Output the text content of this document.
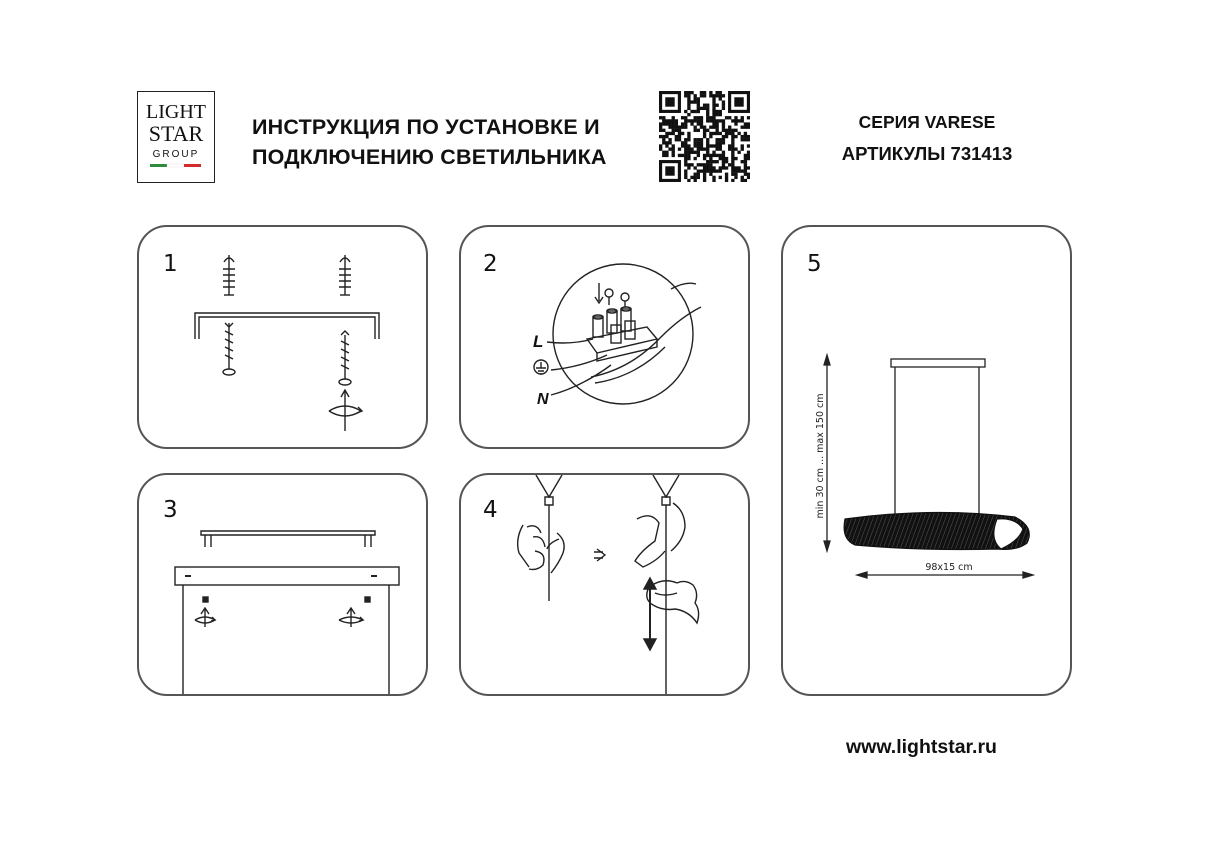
LIGHT
STAR
GROUP
ИНСТРУКЦИЯ ПО УСТАНОВКЕ И
ПОДКЛЮЧЕНИЮ СВЕТИЛЬНИКА
СЕРИЯ VARESE
АРТИКУЛЫ 731413
1	2
L
N
3	4
5
min 30 cm ... max 150 cm
98x15 cm
www.lightstar.ru
